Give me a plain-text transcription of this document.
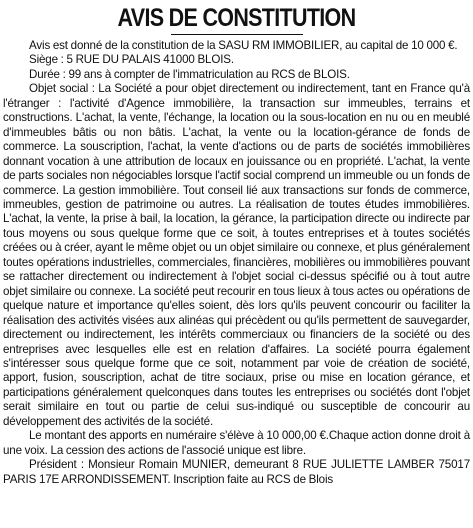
AVIS DE CONSTITUTION

Avis est donné de la constitution de la SASU RM IMMOBILIER, au capital de 10 000 €.

Siège : 5 RUE DU PALAIS 41000 BLOIS.

Durée : 99 ans à compter de l'immatriculation au RCS de BLOIS.

Objet social : La Société a pour objet directement ou indirectement, tant en France qu'à l'étranger : l'activité d'Agence immobilière, la transaction sur immeubles, terrains et constructions. L'achat, la vente, l'échange, la location ou la sous-location en nu ou en meublé d'immeubles bâtis ou non bâtis. L'achat, la vente ou la location-gérance de fonds de commerce. La souscription, l'achat, la vente d'actions ou de parts de sociétés immobilières donnant vocation à une attribution de locaux en jouissance ou en propriété. L'achat, la vente de parts sociales non négociables lorsque l'actif social comprend un immeuble ou un fonds de commerce. La gestion immobilière. Tout conseil lié aux transactions sur fonds de commerce, immeubles, gestion de patrimoine ou autres. La réalisation de toutes études immobilières. L'achat, la vente, la prise à bail, la location, la gérance, la participation directe ou indirecte par tous moyens ou sous quelque forme que ce soit, à toutes entreprises et à toutes sociétés créées ou à créer, ayant le même objet ou un objet similaire ou connexe, et plus généralement toutes opérations industrielles, commerciales, financières, mobilières ou immobilières pouvant se rattacher directement ou indirectement à l'objet social ci-dessus spécifié ou à tout autre objet similaire ou connexe. La société peut recourir en tous lieux à tous actes ou opérations de quelque nature et importance qu'elles soient, dès lors qu'ils peuvent concourir ou faciliter la réalisation des activités visées aux alinéas qui précèdent ou qu'ils permettent de sauvegarder, directement ou indirectement, les intérêts commerciaux ou financiers de la société ou des entreprises avec lesquelles elle est en relation d'affaires. La société pourra également s'intéresser sous quelque forme que ce soit, notamment par voie de création de société, apport, fusion, souscription, achat de titre sociaux, prise ou mise en location gérance, et participations généralement quelconques dans toutes les entreprises ou sociétés dont l'objet serait similaire en tout ou partie de celui sus-indiqué ou susceptible de concourir au développement des activités de la société.

Le montant des apports en numéraire s'élève à 10 000,00 €.Chaque action donne droit à une voix. La cession des actions de l'associé unique est libre.

Président : Monsieur Romain MUNIER, demeurant 8 RUE JULIETTE LAMBER 75017 PARIS 17E ARRONDISSEMENT. Inscription faite au RCS de Blois
